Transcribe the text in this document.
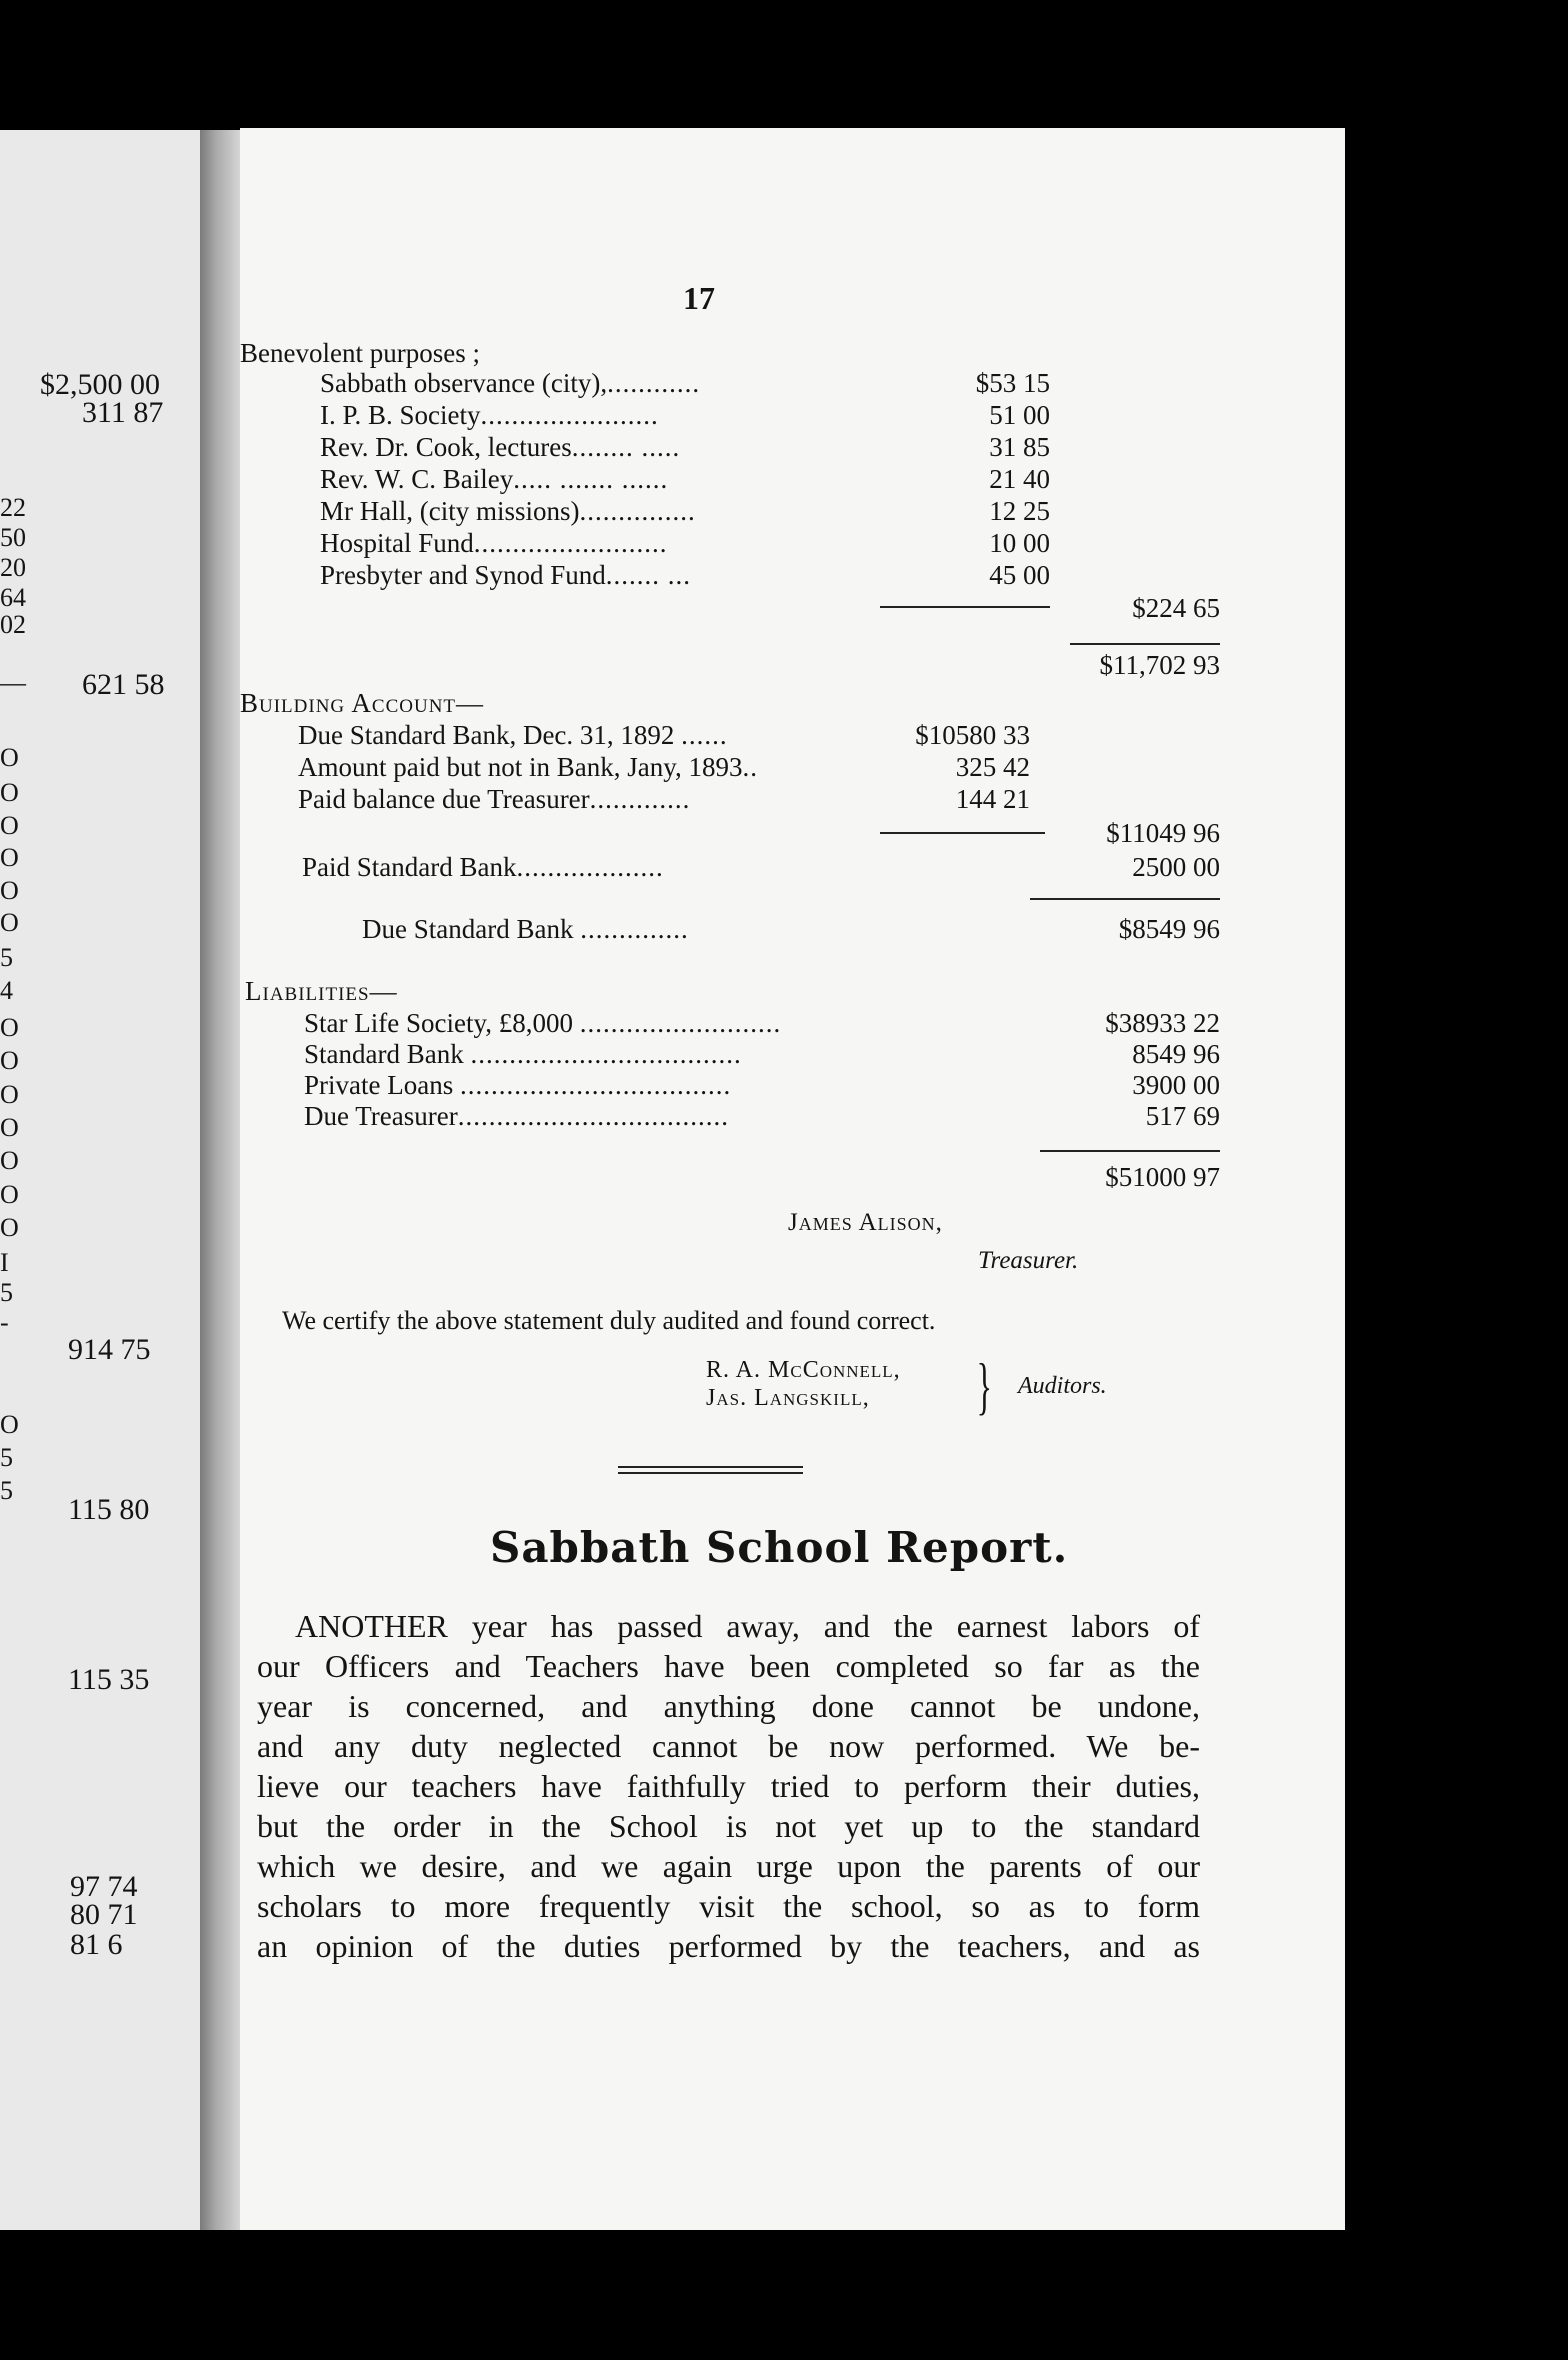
$2,500 00
311 87
621 58
914 75
115 80
115 35
97 74
80 71
81 6
22
50
20
64
02
—
O
O
O
O
O
O
5
4
O
O
O
O
O
O
O
I
5
-
O
5
5
17
Benevolent purposes ;
Sabbath observance (city),............	$53 15
I. P. B. Society.......................	51 00
Rev. Dr. Cook, lectures........ .....	31 85
Rev. W. C. Bailey..... ....... ......	21 40
Mr Hall, (city missions)...............	12 25
Hospital Fund.........................	10 00
Presbyter and Synod Fund....... ...	45 00
$224 65
$11,702 93
Building Account—
Due Standard Bank, Dec. 31, 1892 ......	$10580 33
Amount paid but not in Bank, Jany, 1893..	325 42
Paid balance due Treasurer.............	144 21
$11049 96
Paid Standard Bank...................	2500 00
Due Standard Bank ..............	$8549 96
Liabilities—
Star Life Society, £8,000 ..........................	$38933 22
Standard Bank ...................................	8549 96
Private Loans ...................................	3900 00
Due Treasurer...................................	517 69
$51000 97
James Alison,
Treasurer.
We certify the above statement duly audited and found correct.
R. A. McConnell,
Jas. Langskill, } Auditors.
Sabbath School Report.
ANOTHER year has passed away, and the earnest labors of
our Officers and Teachers have been completed so far as the
year is concerned, and anything done cannot be undone,
and any duty neglected cannot be now performed. We be-
lieve our teachers have faithfully tried to perform their duties,
but the order in the School is not yet up to the standard
which we desire, and we again urge upon the parents of our
scholars to more frequently visit the school, so as to form
an opinion of the duties performed by the teachers, and as
